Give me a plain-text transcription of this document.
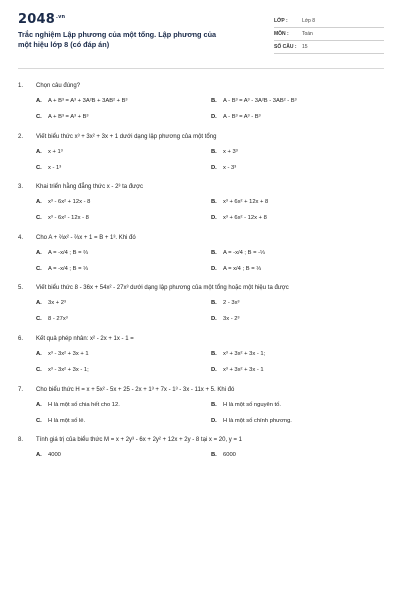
$2048^{.vn}$
Trắc nghiệm Lập phương của một tổng. Lập phương của một hiệu lớp 8 (có đáp án)
LỚP :	Lớp 8
MÔN :	Toán
SỐ CÂU : 15
1. Chọn câu đúng?
A. A + B³ = A³ + 3A²B + 3AB² + B³	B. A - B³ = A³ - 3A²B - 3AB² - B³
C. A + B³ = A³ + B³	D. A - B³ = A³ - B³
2. Viết biểu thức x³ + 3x² + 3x + 1 dưới dạng lập phương của một tổng
A. x + 1³	B. x + 3³
C. x - 1³	D. x - 3³
3. Khai triển hằng đẳng thức x - 2³ ta được
A. x³ - 6x² + 12x - 8	B. x³ + 6x² + 12x + 8
C. x³ - 6x² - 12x - 8	D. x³ + 6x² - 12x + 8
4. Cho A + ⅔x² - ⅔x + 1 = B + 1³. Khi đó
A. A = -x/4 ; B = ⅔	B. A = -x/4 ; B = -⅓
C. A = -x/4 ; B = ⅓	D. A = x/4 ; B = ⅓
5. Viết biểu thức 8 - 36x + 54x² - 27x³ dưới dạng lập phương của một tổng hoặc một hiệu ta được
A. 3x + 2³	B. 2 - 3x³
C. 8 - 27x³	D. 3x - 2³
6. Kết quả phép nhân: x² - 2x + 1x - 1 =
A. x³ - 3x² + 3x + 1	B. x³ + 3x² + 3x - 1;
C. x³ - 3x² + 3x - 1;	D. x³ + 3x² + 3x - 1
7. Cho biểu thức H = x + 5x² - 5x + 25 - 2x + 1³ + 7x - 1³ - 3x - 11x + 5. Khi đó
A. H là một số chia hết cho 12.	B. H là một số nguyên tố.
C. H là một số lẻ.	D. H là một số chính phương.
8. Tính giá trị của biểu thức M = x + 2y³ - 6x + 2y² + 12x + 2y - 8 tại x = 20, y = 1
A. 4000	B. 6000
